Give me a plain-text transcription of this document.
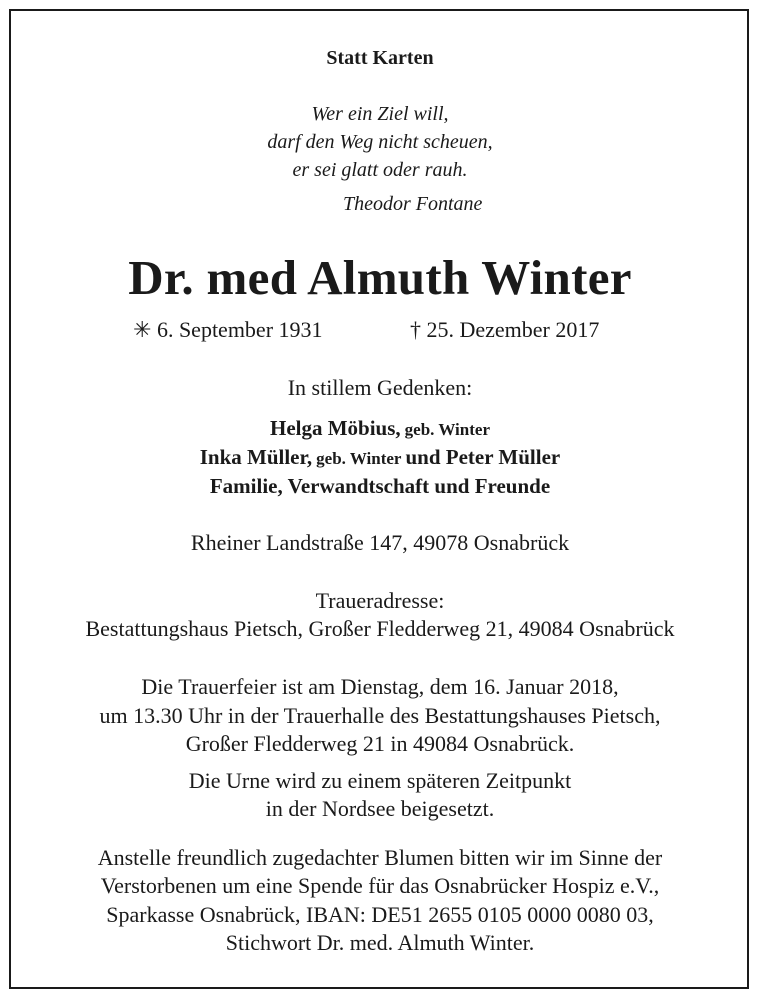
Statt Karten

Wer ein Ziel will,

darf den Weg nicht scheuen,

er sei glatt oder rauh.

Theodor Fontane

Dr. med Almuth Winter

✳ 6. September 1931	† 25. Dezember 2017

In stillem Gedenken:

Helga Möbius, geb. Winter

Inka Müller, geb. Winter und Peter Müller

Familie, Verwandtschaft und Freunde

Rheiner Landstraße 147, 49078 Osnabrück

Traueradresse:

Bestattungshaus Pietsch, Großer Fledderweg 21, 49084 Osnabrück

Die Trauerfeier ist am Dienstag, dem 16. Januar 2018,

um 13.30 Uhr in der Trauerhalle des Bestattungshauses Pietsch,

Großer Fledderweg 21 in 49084 Osnabrück.

Die Urne wird zu einem späteren Zeitpunkt

in der Nordsee beigesetzt.

Anstelle freundlich zugedachter Blumen bitten wir im Sinne der

Verstorbenen um eine Spende für das Osnabrücker Hospiz e.V.,

Sparkasse Osnabrück, IBAN: DE51 2655 0105 0000 0080 03,

Stichwort Dr. med. Almuth Winter.
